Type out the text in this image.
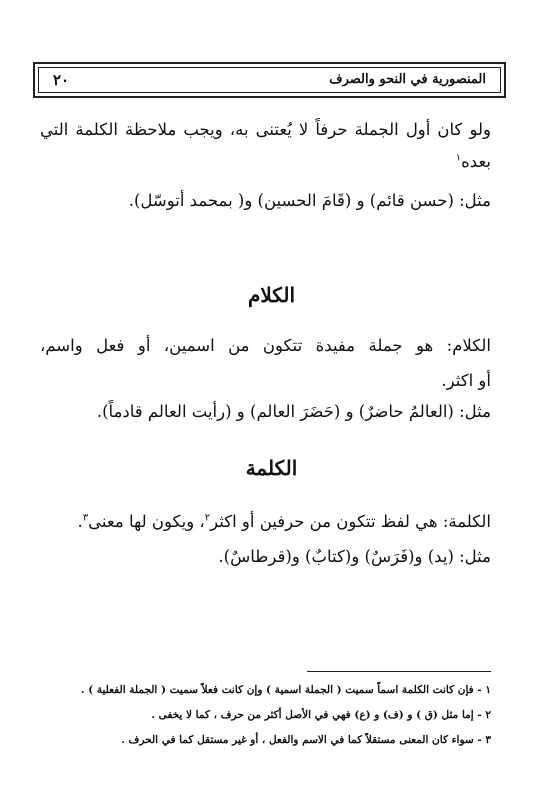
٢٠	المنصورية في النحو والصرف
ولو كان أول الجملة حرفاً لا يُعتنى به، ويجب ملاحظة الكلمة التي
بعده$^١$
مثل: (حسن قائم) و (قَامَ الحسين) و( بمحمد أتوسّل).
الكلام
الكلام: هو جملة مفيدة تتكون من اسمين، أو فعل واسم،
أو اكثر.
مثل: (العالمُ حاضرٌ) و (حَضَرَ العالم) و (رأيت العالم قادماً).
الكلمة
الكلمة: هي لفظ تتكون من حرفين أو اكثر$^٢$، ويكون لها معنى$^٣$.
مثل: (يد) و(فَرَسٌ) و(كتابٌ) و(قرطاسٌ).
١ - فإن كانت الكلمة اسماً سميت ( الجملة اسمية ) وإن كانت فعلاً سميت ( الجملة الفعلية ) .
٢ - إما مثل (ق ) و (ف) و (ع) فهي في الأصل أكثر من حرف ، كما لا يخفى .
٣ - سواء كان المعنى مستقلاً كما في الاسم والفعل ، أو غير مستقل كما في الحرف .
